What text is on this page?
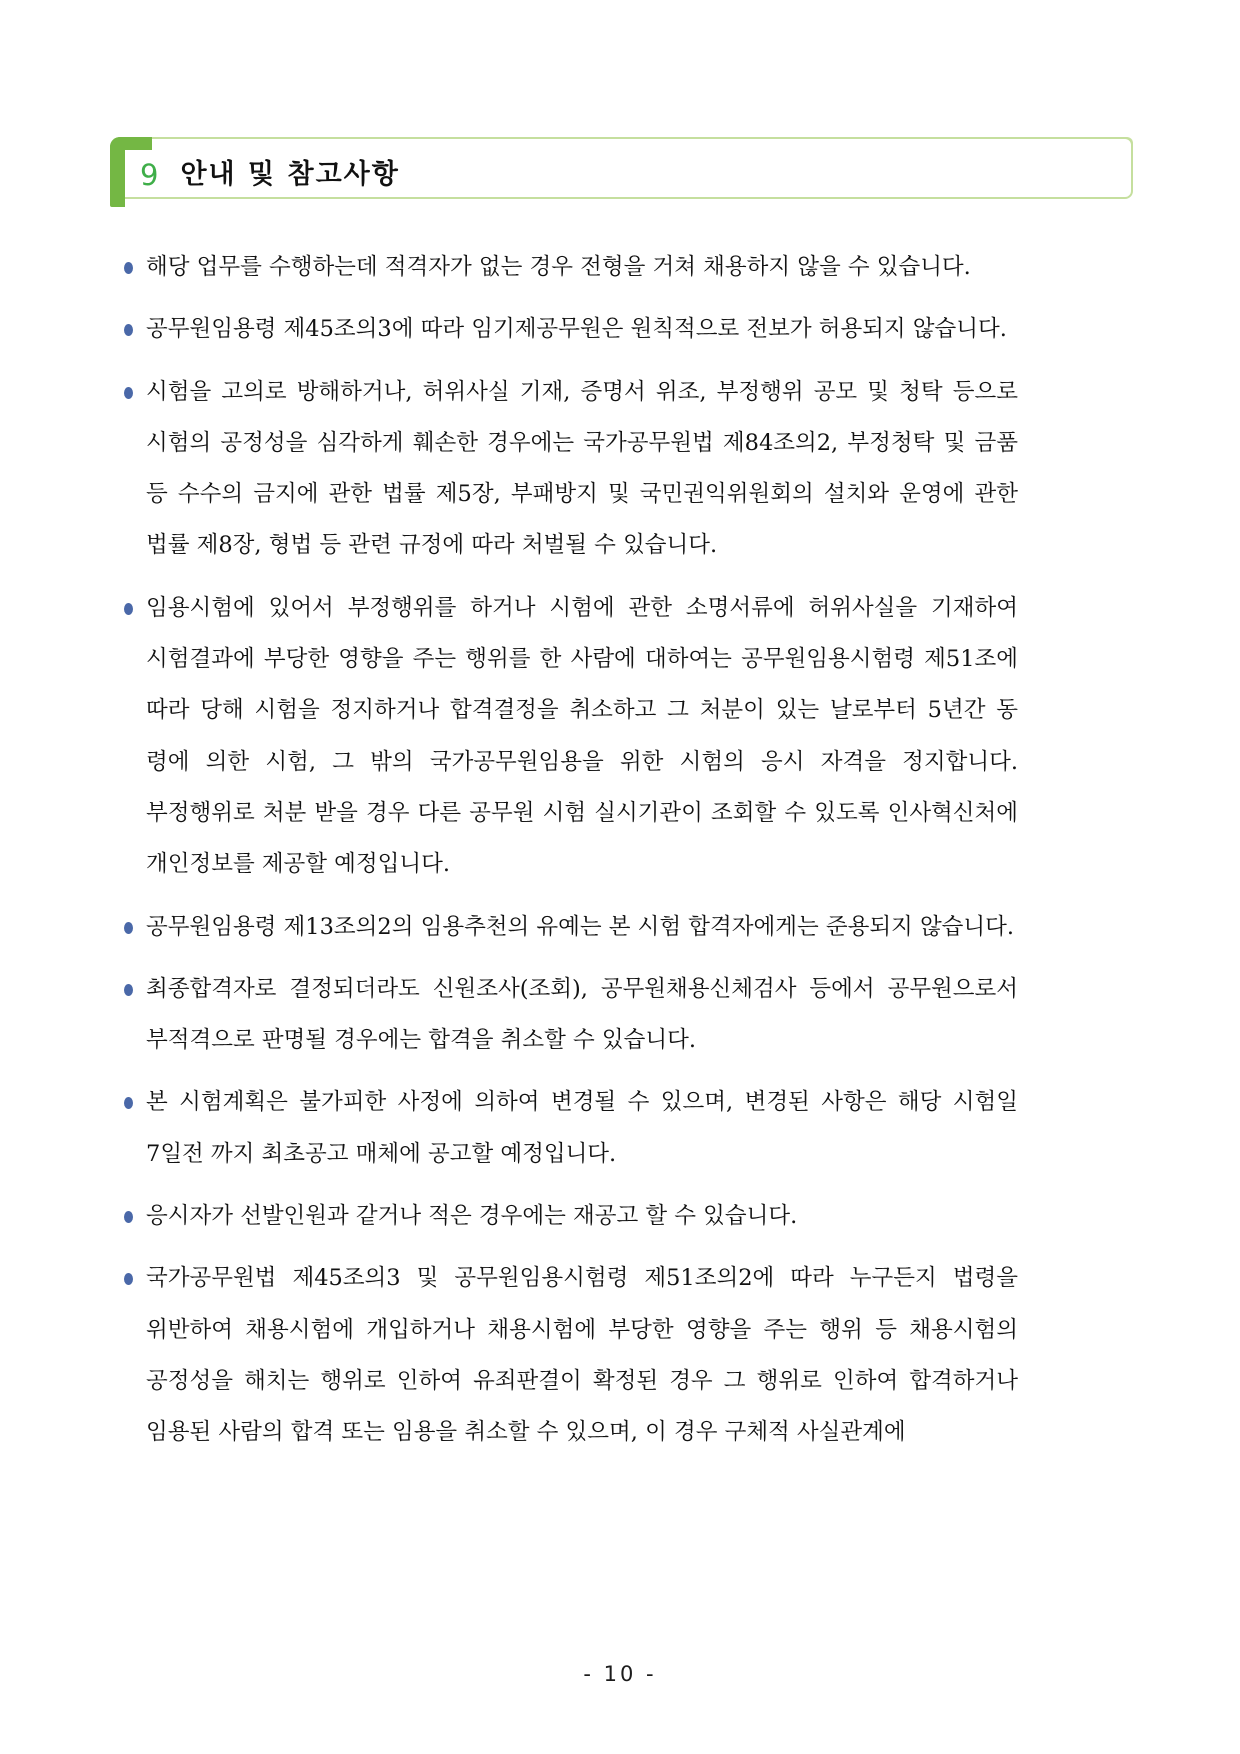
9 안내 및 참고사항
해당 업무를 수행하는데 적격자가 없는 경우 전형을 거쳐 채용하지 않을 수 있습니다.
공무원임용령 제45조의3에 따라 임기제공무원은 원칙적으로 전보가 허용되지 않습니다.
시험을 고의로 방해하거나, 허위사실 기재, 증명서 위조, 부정행위 공모 및 청탁 등으로 시험의 공정성을 심각하게 훼손한 경우에는 국가공무원법 제84조의2, 부정청탁 및 금품 등 수수의 금지에 관한 법률 제5장, 부패방지 및 국민권익위원회의 설치와 운영에 관한 법률 제8장, 형법 등 관련 규정에 따라 처벌될 수 있습니다.
임용시험에 있어서 부정행위를 하거나 시험에 관한 소명서류에 허위사실을 기재하여 시험결과에 부당한 영향을 주는 행위를 한 사람에 대하여는 공무원임용시험령 제51조에 따라 당해 시험을 정지하거나 합격결정을 취소하고 그 처분이 있는 날로부터 5년간 동 령에 의한 시험, 그 밖의 국가공무원임용을 위한 시험의 응시 자격을 정지합니다. 부정행위로 처분 받을 경우 다른 공무원 시험 실시기관이 조회할 수 있도록 인사혁신처에 개인정보를 제공할 예정입니다.
공무원임용령 제13조의2의 임용추천의 유예는 본 시험 합격자에게는 준용되지 않습니다.
최종합격자로 결정되더라도 신원조사(조회), 공무원채용신체검사 등에서 공무원으로서 부적격으로 판명될 경우에는 합격을 취소할 수 있습니다.
본 시험계획은 불가피한 사정에 의하여 변경될 수 있으며, 변경된 사항은 해당 시험일 7일전 까지 최초공고 매체에 공고할 예정입니다.
응시자가 선발인원과 같거나 적은 경우에는 재공고 할 수 있습니다.
국가공무원법 제45조의3 및 공무원임용시험령 제51조의2에 따라 누구든지 법령을 위반하여 채용시험에 개입하거나 채용시험에 부당한 영향을 주는 행위 등 채용시험의 공정성을 해치는 행위로 인하여 유죄판결이 확정된 경우 그 행위로 인하여 합격하거나 임용된 사람의 합격 또는 임용을 취소할 수 있으며, 이 경우 구체적 사실관계에
- 10 -
